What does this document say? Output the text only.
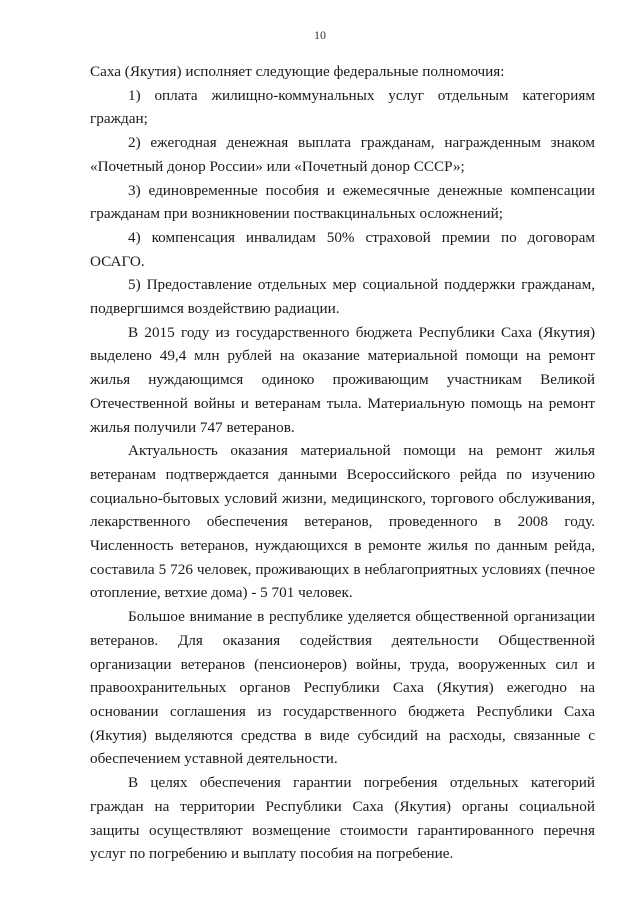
10

Саха (Якутия) исполняет следующие федеральные полномочия:

1) оплата жилищно-коммунальных услуг отдельным категориям граждан;

2) ежегодная денежная выплата гражданам, награжденным знаком «Почетный донор России» или «Почетный донор СССР»;

3) единовременные пособия и ежемесячные денежные компенсации гражданам при возникновении поствакцинальных осложнений;

4) компенсация инвалидам 50% страховой премии по договорам ОСАГО.

5) Предоставление отдельных мер социальной поддержки гражданам, подвергшимся воздействию радиации.

В 2015 году из государственного бюджета Республики Саха (Якутия) выделено 49,4 млн рублей на оказание материальной помощи на ремонт жилья нуждающимся одиноко проживающим участникам Великой Отечественной войны и ветеранам тыла. Материальную помощь на ремонт жилья получили 747 ветеранов.

Актуальность оказания материальной помощи на ремонт жилья ветеранам подтверждается данными Всероссийского рейда по изучению социально-бытовых условий жизни, медицинского, торгового обслуживания, лекарственного обеспечения ветеранов, проведенного в 2008 году. Численность ветеранов, нуждающихся в ремонте жилья по данным рейда, составила 5 726 человек, проживающих в неблагоприятных условиях (печное отопление, ветхие дома) - 5 701 человек.

Большое внимание в республике уделяется общественной организации ветеранов. Для оказания содействия деятельности Общественной организации ветеранов (пенсионеров) войны, труда, вооруженных сил и правоохранительных органов Республики Саха (Якутия) ежегодно на основании соглашения из государственного бюджета Республики Саха (Якутия) выделяются средства в виде субсидий на расходы, связанные с обеспечением уставной деятельности.

В целях обеспечения гарантии погребения отдельных категорий граждан на территории Республики Саха (Якутия) органы социальной защиты осуществляют возмещение стоимости гарантированного перечня услуг по погребению и выплату пособия на погребение.
